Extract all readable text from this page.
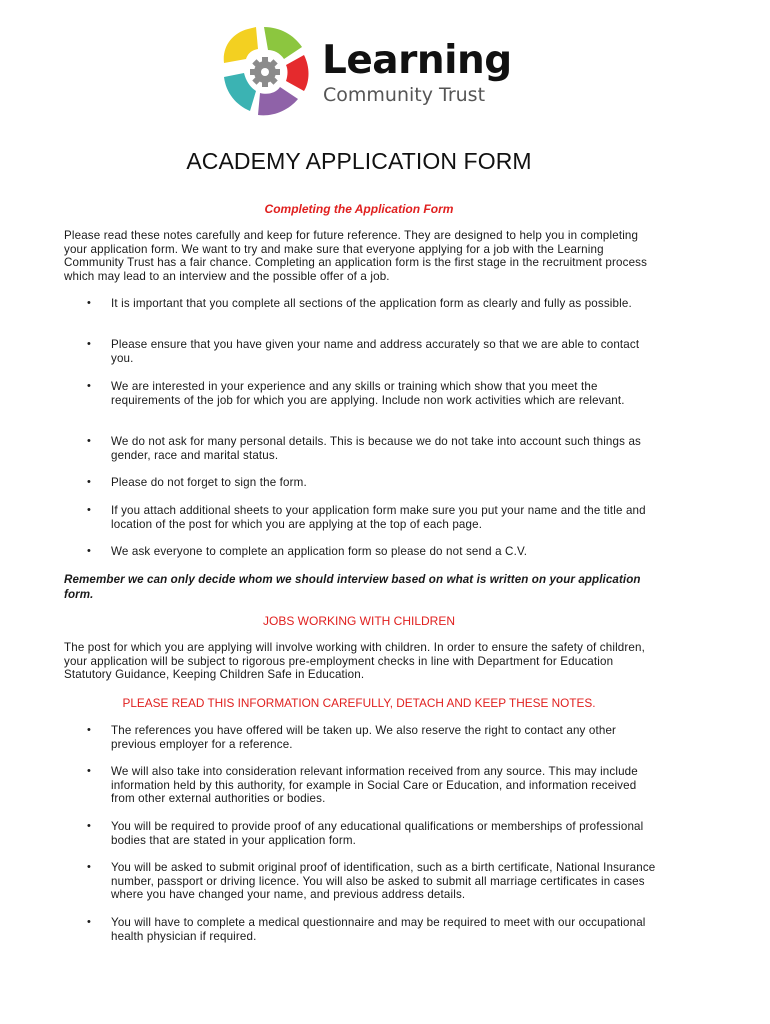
Learning
Community Trust
ACADEMY APPLICATION FORM
Completing the Application Form
Please read these notes carefully and keep for future reference. They are designed to help you in completing your application form. We want to try and make sure that everyone applying for a job with the Learning Community Trust has a fair chance. Completing an application form is the first stage in the recruitment process which may lead to an interview and the possible offer of a job.
• It is important that you complete all sections of the application form as clearly and fully as possible.
• Please ensure that you have given your name and address accurately so that we are able to contact you.
• We are interested in your experience and any skills or training which show that you meet the requirements of the job for which you are applying. Include non work activities which are relevant.
• We do not ask for many personal details. This is because we do not take into account such things as gender, race and marital status.
• Please do not forget to sign the form.
• If you attach additional sheets to your application form make sure you put your name and the title and location of the post for which you are applying at the top of each page.
• We ask everyone to complete an application form so please do not send a C.V.
Remember we can only decide whom we should interview based on what is written on your application form.
JOBS WORKING WITH CHILDREN
The post for which you are applying will involve working with children. In order to ensure the safety of children, your application will be subject to rigorous pre-employment checks in line with Department for Education Statutory Guidance, Keeping Children Safe in Education.
PLEASE READ THIS INFORMATION CAREFULLY, DETACH AND KEEP THESE NOTES.
• The references you have offered will be taken up. We also reserve the right to contact any other previous employer for a reference.
• We will also take into consideration relevant information received from any source. This may include information held by this authority, for example in Social Care or Education, and information received from other external authorities or bodies.
• You will be required to provide proof of any educational qualifications or memberships of professional bodies that are stated in your application form.
• You will be asked to submit original proof of identification, such as a birth certificate, National Insurance number, passport or driving licence. You will also be asked to submit all marriage certificates in cases where you have changed your name, and previous address details.
• You will have to complete a medical questionnaire and may be required to meet with our occupational health physician if required.
